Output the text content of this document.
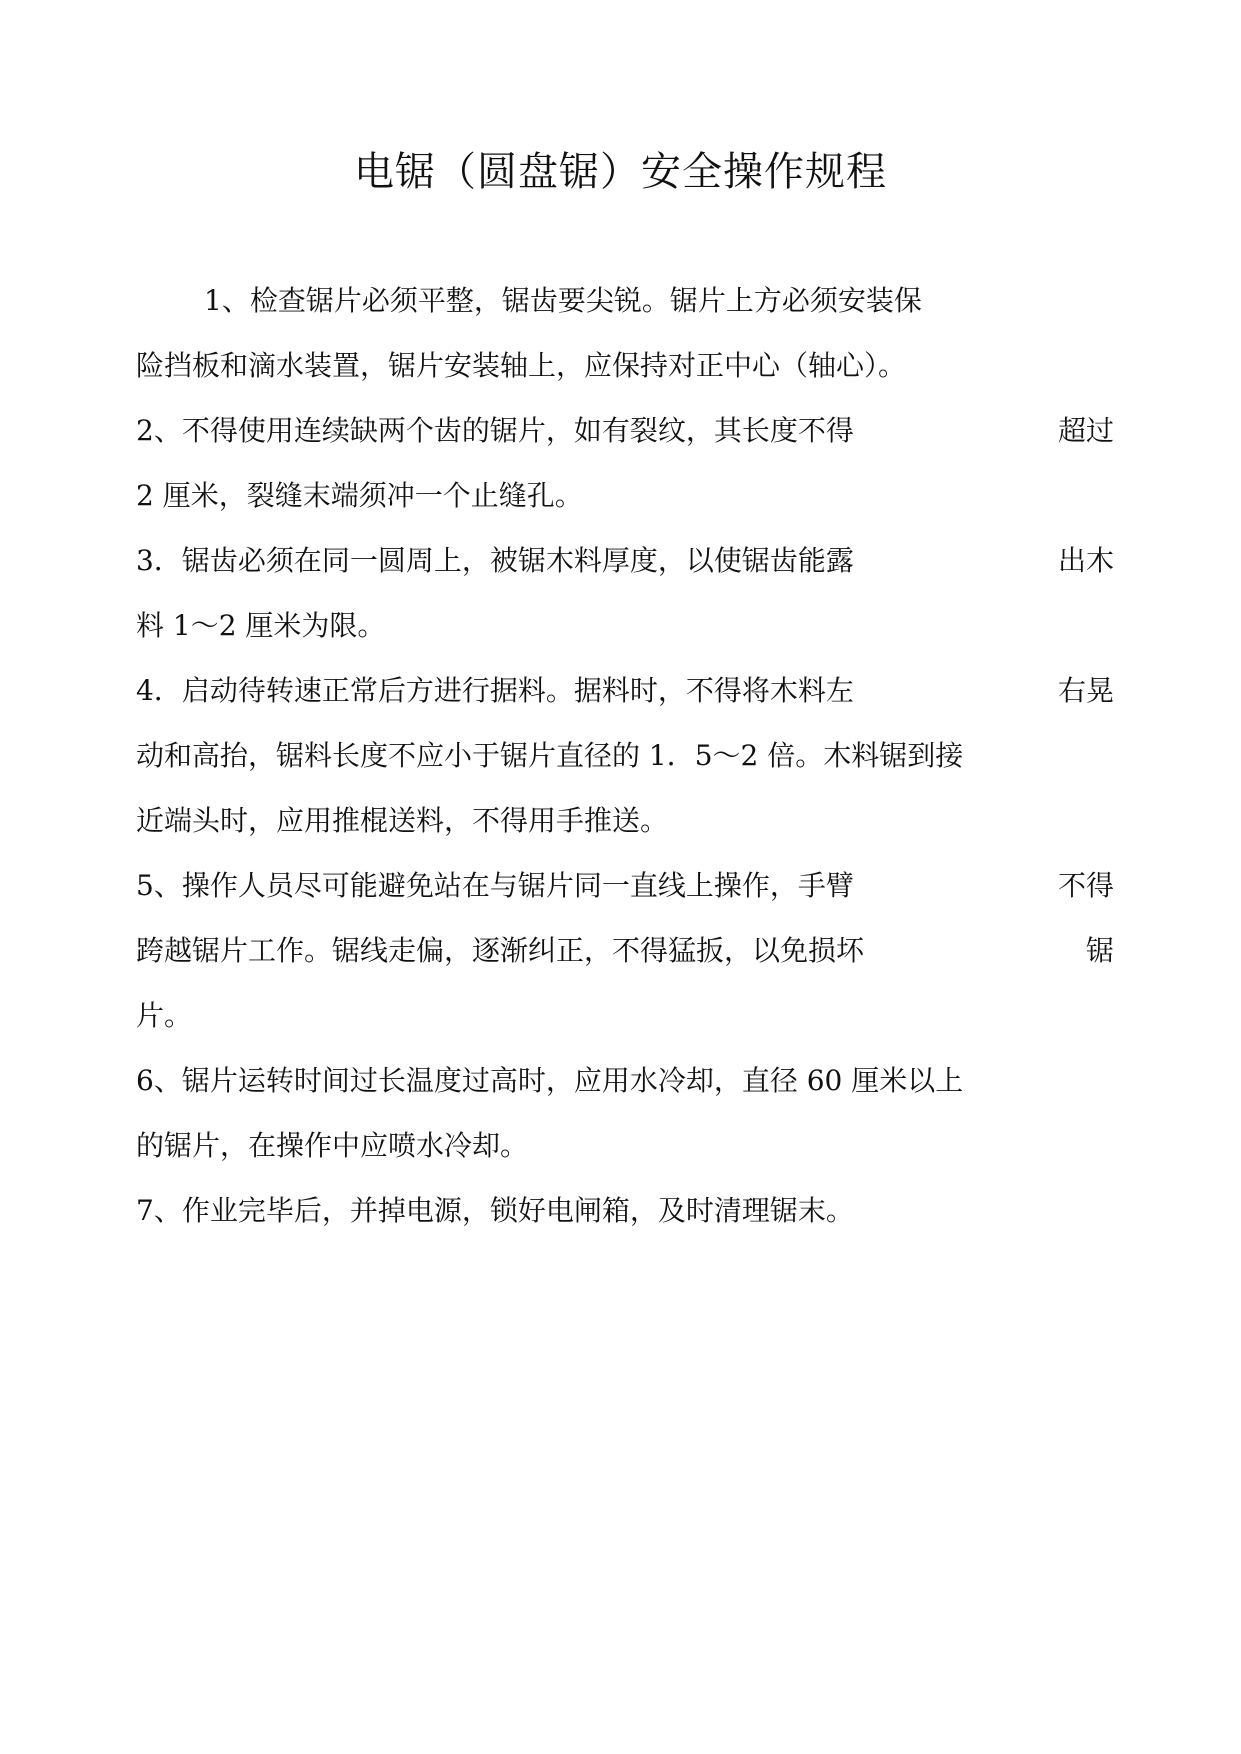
电锯（圆盘锯）安全操作规程
1、检查锯片必须平整，锯齿要尖锐。锯片上方必须安装保
险挡板和滴水装置，锯片安装轴上，应保持对正中心（轴心）。
2、不得使用连续缺两个齿的锯片，如有裂纹，其长度不得	超过
2 厘米，裂缝末端须冲一个止缝孔。
3．锯齿必须在同一圆周上，被锯木料厚度，以使锯齿能露	出木
料 1～2 厘米为限。
4．启动待转速正常后方进行据料。据料时，不得将木料左	右晃
动和高抬，锯料长度不应小于锯片直径的 1．5～2 倍。木料锯到接
近端头时，应用推棍送料，不得用手推送。
5、操作人员尽可能避免站在与锯片同一直线上操作，手臂	不得
跨越锯片工作。锯线走偏，逐渐纠正，不得猛扳，以免损坏	锯
片。
6、锯片运转时间过长温度过高时，应用水冷却，直径 60 厘米以上
的锯片，在操作中应喷水冷却。
7、作业完毕后，并掉电源，锁好电闸箱，及时清理锯末。
